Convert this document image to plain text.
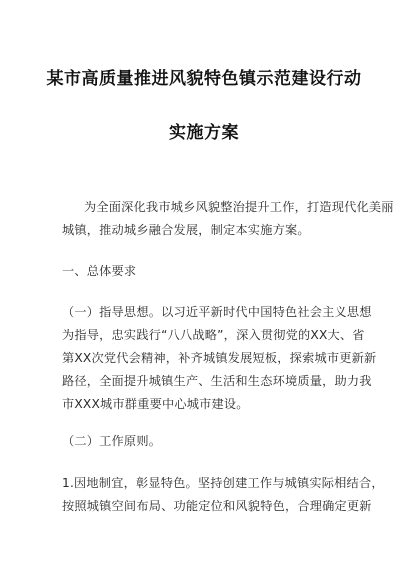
某市高质量推进风貌特色镇示范建设行动
实施方案
为全面深化我市城乡风貌整治提升工作，打造现代化美丽
城镇，推动城乡融合发展，制定本实施方案。
一、总体要求
（一）指导思想。以习近平新时代中国特色社会主义思想
为指导，忠实践行“八八战略”，深入贯彻党的XX大、省
第XX次党代会精神，补齐城镇发展短板，探索城市更新新
路径，全面提升城镇生产、生活和生态环境质量，助力我
市XXX城市群重要中心城市建设。
（二）工作原则。
1.因地制宜，彰显特色。坚持创建工作与城镇实际相结合，
按照城镇空间布局、功能定位和风貌特色，合理确定更新
